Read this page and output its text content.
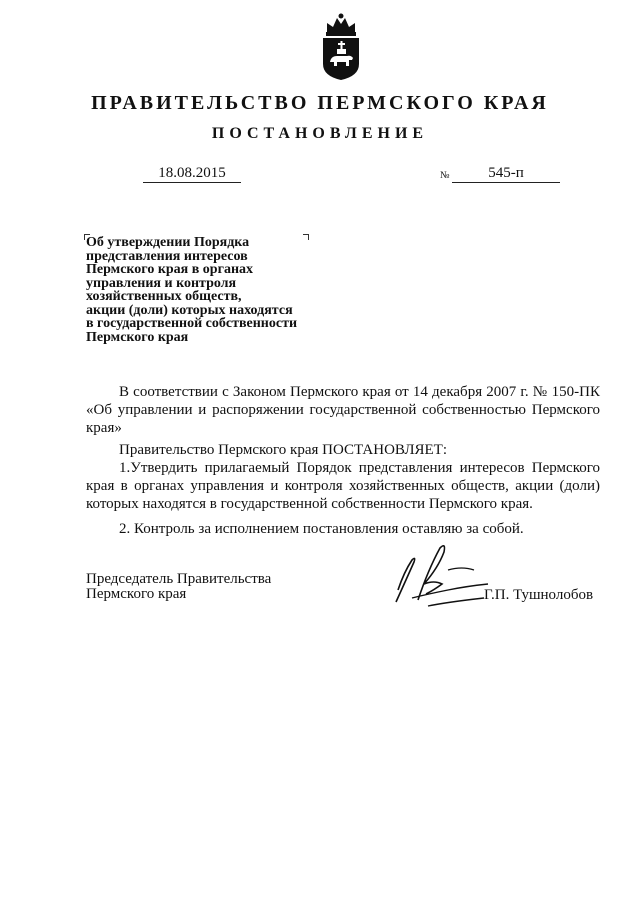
ПРАВИТЕЛЬСТВО ПЕРМСКОГО КРАЯ
ПОСТАНОВЛЕНИЕ
18.08.2015	№	545-п
Об утверждении Порядка
представления интересов
Пермского края в органах
управления и контроля
хозяйственных обществ,
акции (доли) которых находятся
в государственной собственности
Пермского края
В соответствии с Законом Пермского края от 14 декабря 2007 г. № 150-ПК «Об управлении и распоряжении государственной собственностью Пермского края»
Правительство Пермского края ПОСТАНОВЛЯЕТ:
1.Утвердить прилагаемый Порядок представления интересов Пермского края в органах управления и контроля хозяйственных обществ, акции (доли) которых находятся в государственной собственности Пермского края.
2. Контроль за исполнением постановления оставляю за собой.
Председатель Правительства
Пермского края	Г.П. Тушнолобов
